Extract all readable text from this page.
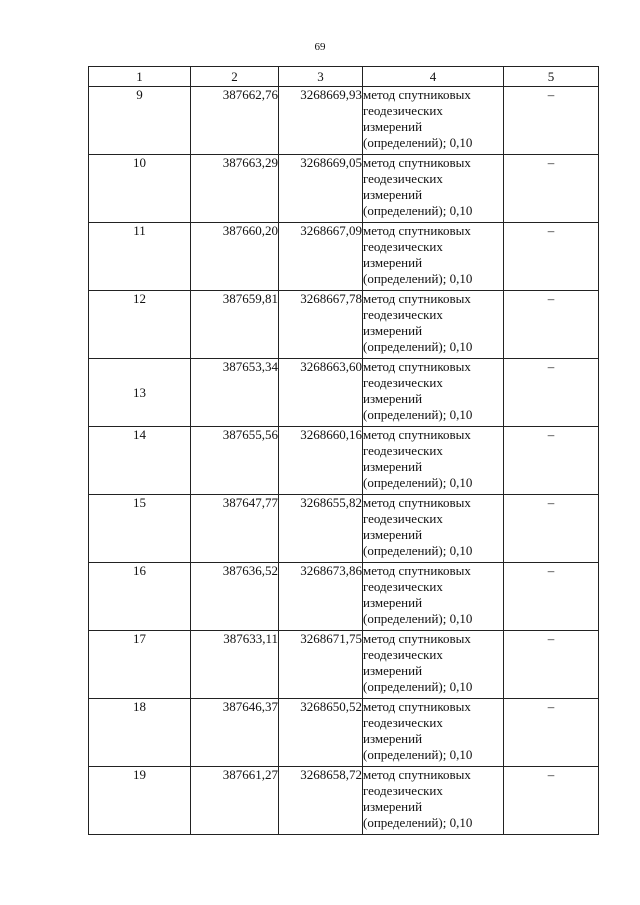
69
1	2	3	4	5
9	387662,76	3268669,93	метод спутниковых
геодезических
измерений
(определений); 0,10	–
10	387663,29	3268669,05	метод спутниковых
геодезических
измерений
(определений); 0,10	–
11	387660,20	3268667,09	метод спутниковых
геодезических
измерений
(определений); 0,10	–
12	387659,81	3268667,78	метод спутниковых
геодезических
измерений
(определений); 0,10	–
13	387653,34	3268663,60	метод спутниковых
геодезических
измерений
(определений); 0,10	–
14	387655,56	3268660,16	метод спутниковых
геодезических
измерений
(определений); 0,10	–
15	387647,77	3268655,82	метод спутниковых
геодезических
измерений
(определений); 0,10	–
16	387636,52	3268673,86	метод спутниковых
геодезических
измерений
(определений); 0,10	–
17	387633,11	3268671,75	метод спутниковых
геодезических
измерений
(определений); 0,10	–
18	387646,37	3268650,52	метод спутниковых
геодезических
измерений
(определений); 0,10	–
19	387661,27	3268658,72	метод спутниковых
геодезических
измерений
(определений); 0,10	–
